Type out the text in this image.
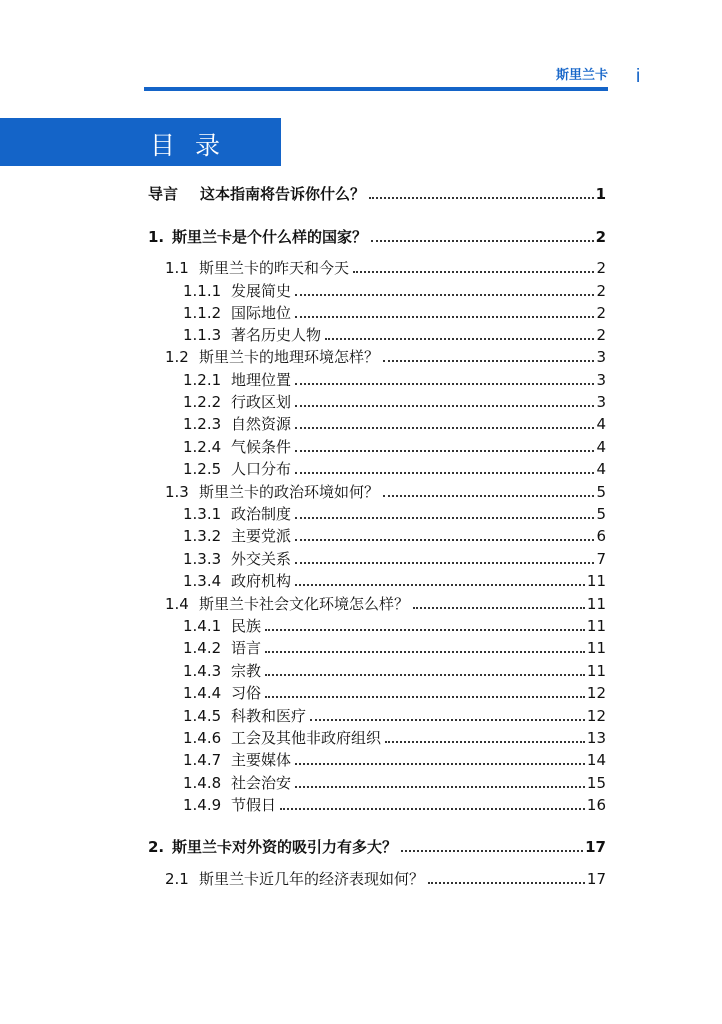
斯里兰卡 i
目录
导言	这本指南将告诉你什么？	1
1. 斯里兰卡是个什么样的国家？	2
1.1 斯里兰卡的昨天和今天	2
1.1.1 发展简史	2
1.1.2 国际地位	2
1.1.3 著名历史人物	2
1.2 斯里兰卡的地理环境怎样？	3
1.2.1 地理位置	3
1.2.2 行政区划	3
1.2.3 自然资源	4
1.2.4 气候条件	4
1.2.5 人口分布	4
1.3 斯里兰卡的政治环境如何？	5
1.3.1 政治制度	5
1.3.2 主要党派	6
1.3.3 外交关系	7
1.3.4 政府机构	11
1.4 斯里兰卡社会文化环境怎么样？	11
1.4.1 民族	11
1.4.2 语言	11
1.4.3 宗教	11
1.4.4 习俗	12
1.4.5 科教和医疗	12
1.4.6 工会及其他非政府组织	13
1.4.7 主要媒体	14
1.4.8 社会治安	15
1.4.9 节假日	16
2. 斯里兰卡对外资的吸引力有多大？	17
2.1 斯里兰卡近几年的经济表现如何？	17
